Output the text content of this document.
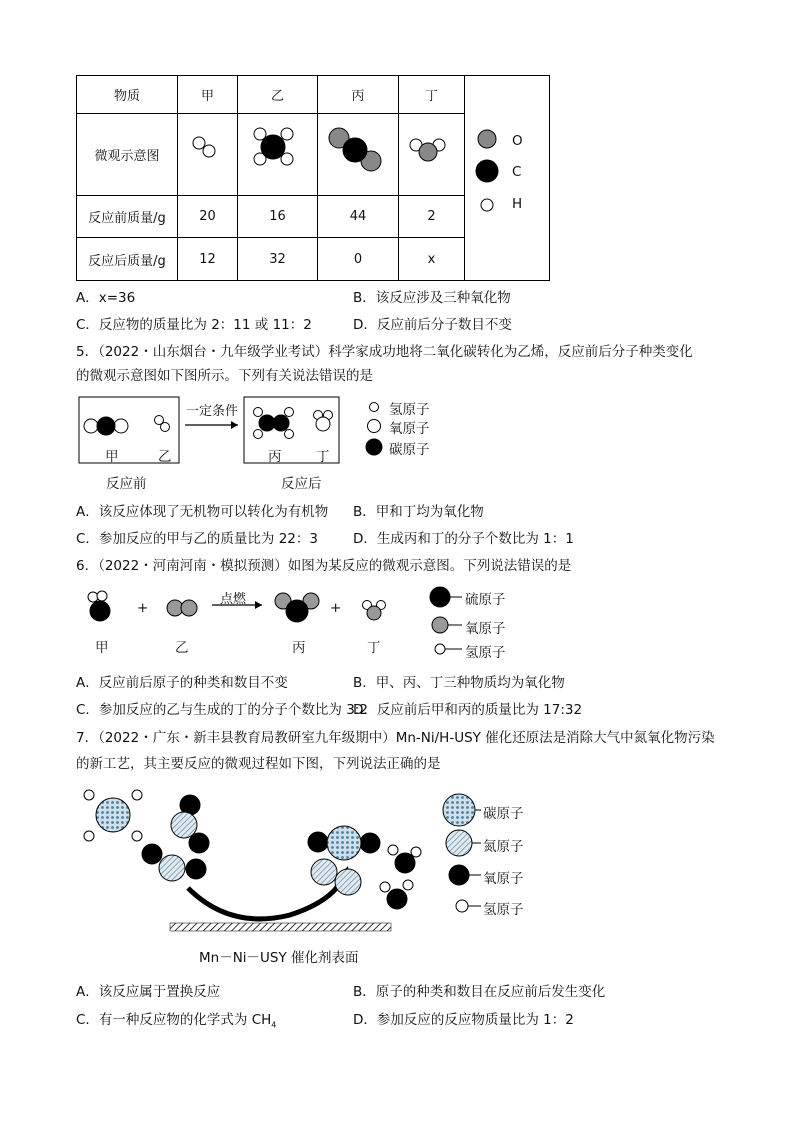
物质	甲	乙	丙	丁	
微观示意图					
反应前质量/g	20	16	44	2	
反应后质量/g	12	32	0	x	
O
C
H
A．x=36	B．该反应涉及三种氧化物
C．反应物的质量比为 2：11 或 11：2	D．反应前后分子数目不变
5．（2022・山东烟台・九年级学业考试）科学家成功地将二氧化碳转化为乙烯，反应前后分子种类变化
的微观示意图如下图所示。下列有关说法错误的是
一定条件
甲	乙	丙	丁
反应前	反应后
氢原子
氧原子
碳原子
A．该反应体现了无机物可以转化为有机物 B．甲和丁均为氧化物
C．参加反应的甲与乙的质量比为 22：3	D．生成丙和丁的分子个数比为 1：1
6．（2022・河南河南・模拟预测）如图为某反应的微观示意图。下列说法错误的是
+	+
点燃
甲	乙	丙	丁
硫原子
氧原子
氢原子
A．反应前后原子的种类和数目不变	B．甲、丙、丁三种物质均为氧化物
C．参加反应的乙与生成的丁的分子个数比为 3:2
D．反应前后甲和丙的质量比为 17:32
7．（2022・广东・新丰县教育局教研室九年级期中）Mn-Ni/H-USY 催化还原法是消除大气中氮氧化物污染
的新工艺，其主要反应的微观过程如下图，下列说法正确的是
碳原子
氮原子
氧原子
氢原子
Mn－Ni－USY 催化剂表面
A．该反应属于置换反应	B．原子的种类和数目在反应前后发生变化
C．有一种反应物的化学式为 $CH_4$	D．参加反应的反应物质量比为 1：2
